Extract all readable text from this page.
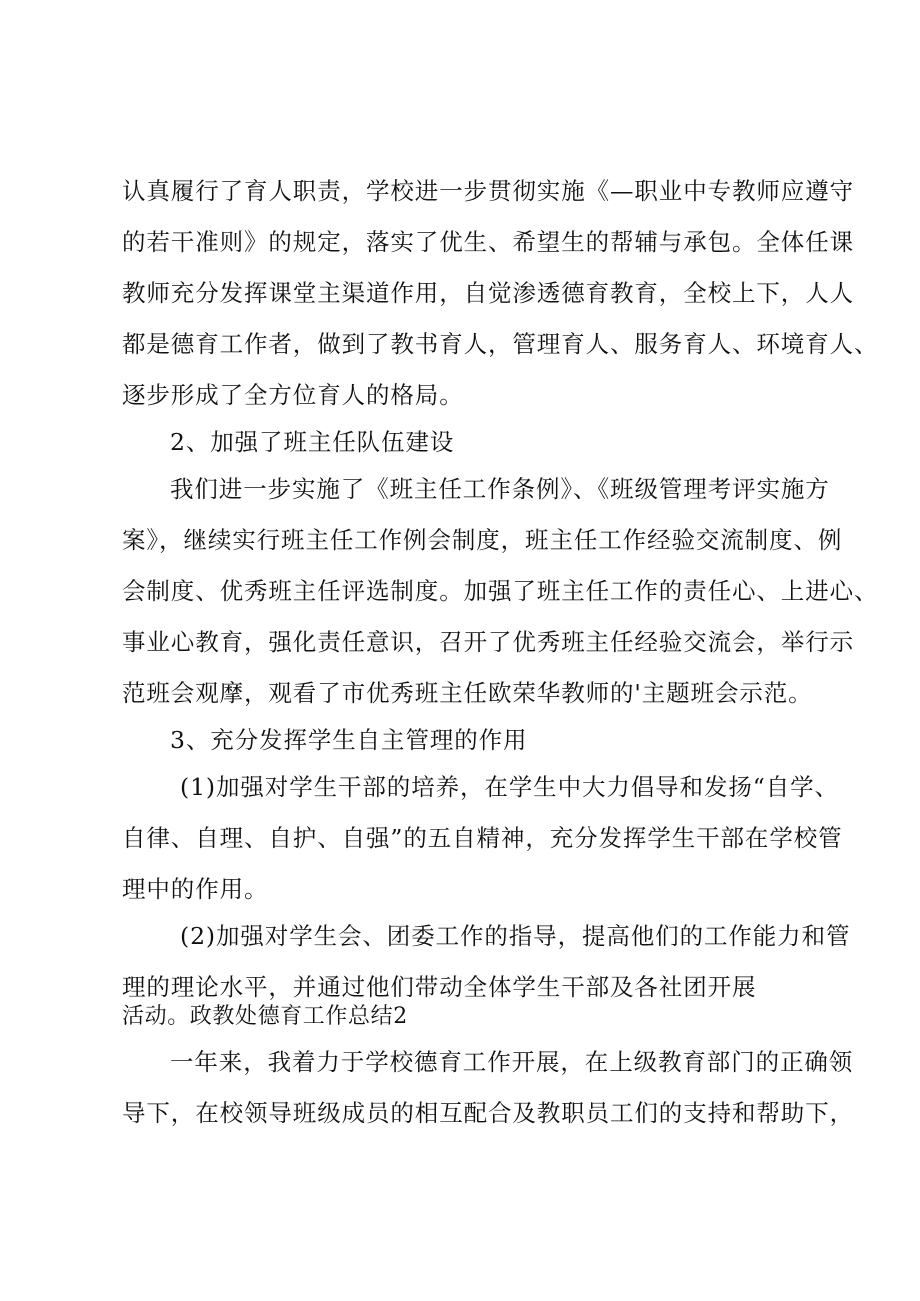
认真履行了育人职责，学校进一步贯彻实施《—职业中专教师应遵守
的若干准则》的规定，落实了优生、希望生的帮辅与承包。全体任课
教师充分发挥课堂主渠道作用，自觉渗透德育教育，全校上下，人人
都是德育工作者，做到了教书育人，管理育人、服务育人、环境育人、
逐步形成了全方位育人的格局。
2、加强了班主任队伍建设
我们进一步实施了《班主任工作条例》、《班级管理考评实施方
案》，继续实行班主任工作例会制度，班主任工作经验交流制度、例
会制度、优秀班主任评选制度。加强了班主任工作的责任心、上进心、
事业心教育，强化责任意识，召开了优秀班主任经验交流会，举行示
范班会观摩，观看了市优秀班主任欧荣华教师的'主题班会示范。
3、充分发挥学生自主管理的作用
(1)加强对学生干部的培养，在学生中大力倡导和发扬“自学、
自律、自理、自护、自强”的五自精神，充分发挥学生干部在学校管
理中的作用。
(2)加强对学生会、团委工作的指导，提高他们的工作能力和管
理的理论水平，并通过他们带动全体学生干部及各社团开展
活动。政教处德育工作总结2
一年来，我着力于学校德育工作开展，在上级教育部门的正确领
导下，在校领导班级成员的相互配合及教职员工们的支持和帮助下，
